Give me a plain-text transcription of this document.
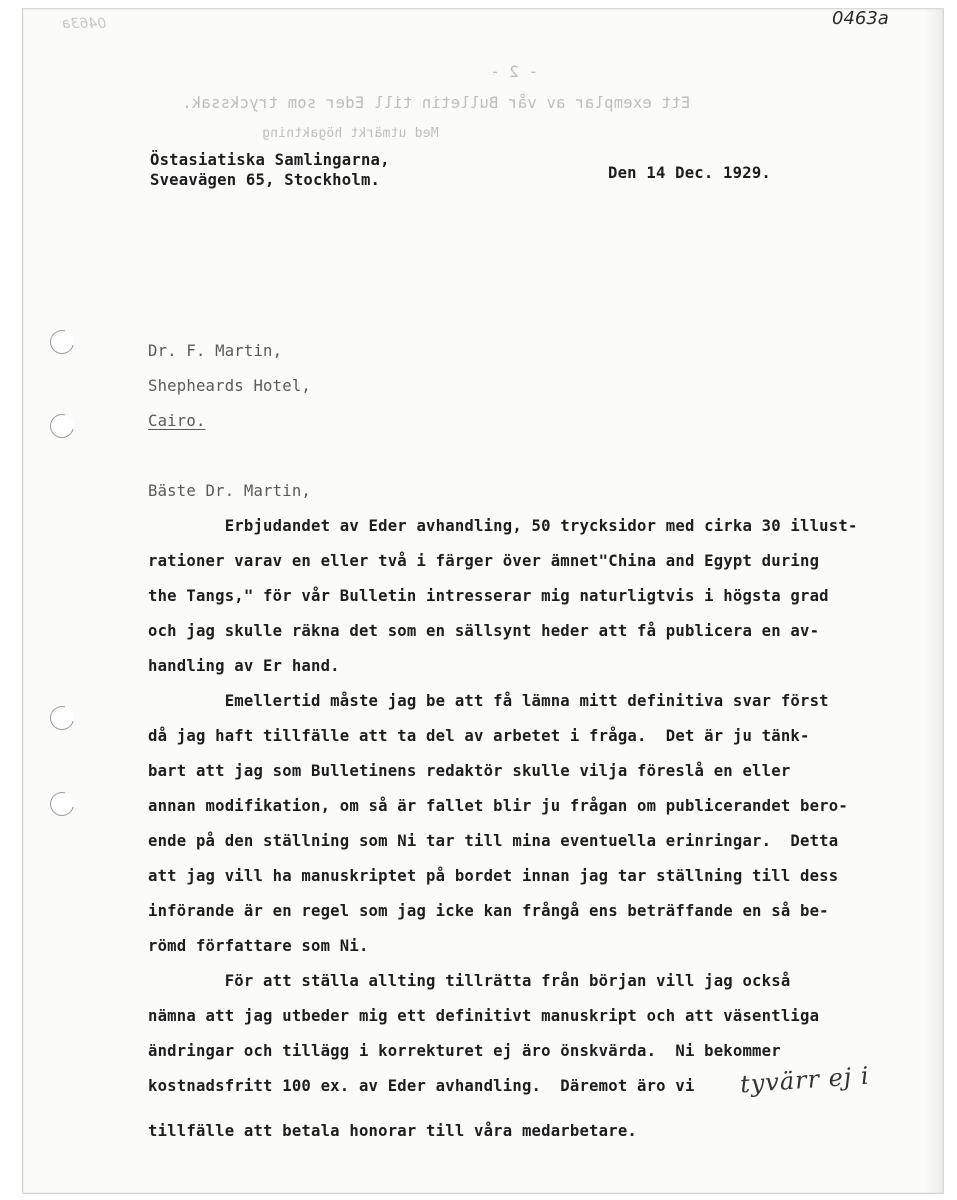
0463a	0463a
- 2 -
Ett exemplar av vår Bulletin till Eder som tryckssak.
Med utmärkt högaktning
Östasiatiska Samlingarna,
Sveavägen 65, Stockholm.	Den 14 Dec. 1929.
Dr. F. Martin,
Shepheards Hotel,
Cairo.
Bäste Dr. Martin,
Erbjudandet av Eder avhandling, 50 trycksidor med cirka 30 illust-
rationer varav en eller två i färger över ämnet"China and Egypt during
the Tangs," för vår Bulletin intresserar mig naturligtvis i högsta grad
och jag skulle räkna det som en sällsynt heder att få publicera en av-
handling av Er hand.
Emellertid måste jag be att få lämna mitt definitiva svar först
då jag haft tillfälle att ta del av arbetet i fråga.  Det är ju tänk-
bart att jag som Bulletinens redaktör skulle vilja föreslå en eller
annan modifikation, om så är fallet blir ju frågan om publicerandet bero-
ende på den ställning som Ni tar till mina eventuella erinringar.  Detta
att jag vill ha manuskriptet på bordet innan jag tar ställning till dess
införande är en regel som jag icke kan frångå ens beträffande en så be-
römd författare som Ni.
För att ställa allting tillrätta från början vill jag också
nämna att jag utbeder mig ett definitivt manuskript och att väsentliga
ändringar och tillägg i korrekturet ej äro önskvärda.  Ni bekommer
kostnadsfritt 100 ex. av Eder avhandling.  Däremot äro vi
tillfälle att betala honorar till våra medarbetare.
tyvärr ej i
